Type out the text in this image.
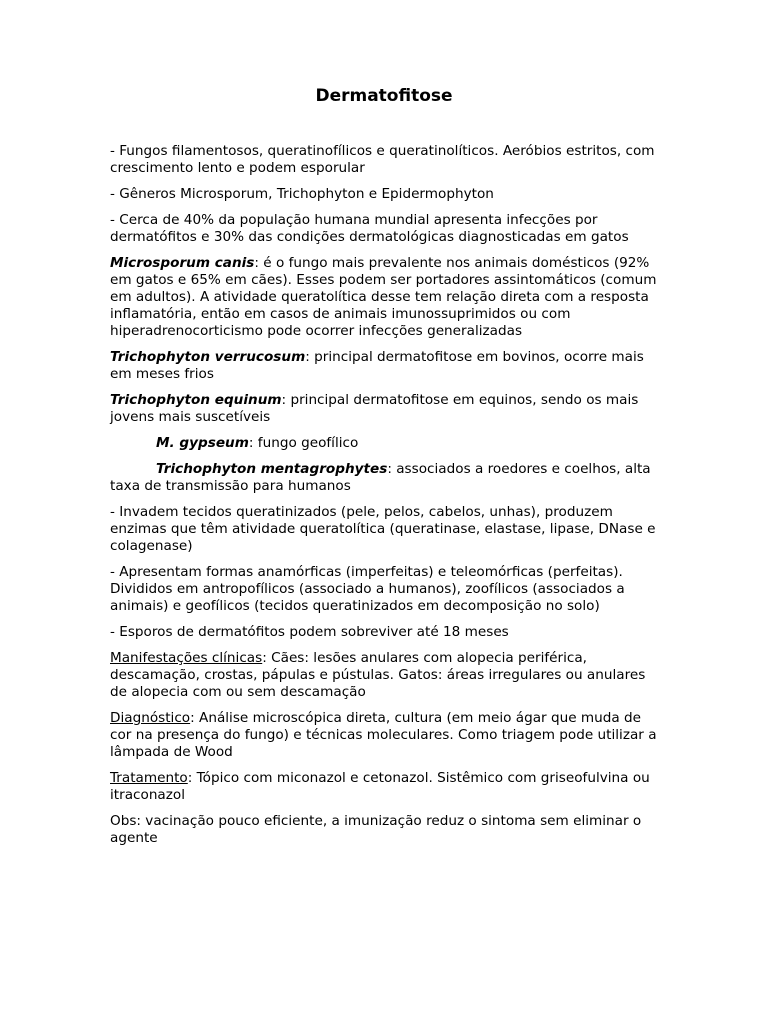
Dermatofitose

- Fungos filamentosos, queratinofílicos e queratinolíticos. Aeróbios estritos, com crescimento lento e podem esporular

- Gêneros Microsporum, Trichophyton e Epidermophyton

- Cerca de 40% da população humana mundial apresenta infecções por dermatófitos e 30% das condições dermatológicas diagnosticadas em gatos

Microsporum canis: é o fungo mais prevalente nos animais domésticos (92% em gatos e 65% em cães). Esses podem ser portadores assintomáticos (comum em adultos). A atividade queratolítica desse tem relação direta com a resposta inflamatória, então em casos de animais imunossuprimidos ou com hiperadrenocorticismo pode ocorrer infecções generalizadas

Trichophyton verrucosum: principal dermatofitose em bovinos, ocorre mais em meses frios

Trichophyton equinum: principal dermatofitose em equinos, sendo os mais jovens mais suscetíveis

M. gypseum: fungo geofílico

Trichophyton mentagrophytes: associados a roedores e coelhos, alta taxa de transmissão para humanos

- Invadem tecidos queratinizados (pele, pelos, cabelos, unhas), produzem enzimas que têm atividade queratolítica (queratinase, elastase, lipase, DNase e colagenase)

- Apresentam formas anamórficas (imperfeitas) e teleomórficas (perfeitas). Divididos em antropofílicos (associado a humanos), zoofílicos (associados a animais) e geofílicos (tecidos queratinizados em decomposição no solo)

- Esporos de dermatófitos podem sobreviver até 18 meses

Manifestações clínicas: Cães: lesões anulares com alopecia periférica, descamação, crostas, pápulas e pústulas. Gatos: áreas irregulares ou anulares de alopecia com ou sem descamação

Diagnóstico: Análise microscópica direta, cultura (em meio ágar que muda de cor na presença do fungo) e técnicas moleculares. Como triagem pode utilizar a lâmpada de Wood

Tratamento: Tópico com miconazol e cetonazol. Sistêmico com griseofulvina ou itraconazol

Obs: vacinação pouco eficiente, a imunização reduz o sintoma sem eliminar o agente
